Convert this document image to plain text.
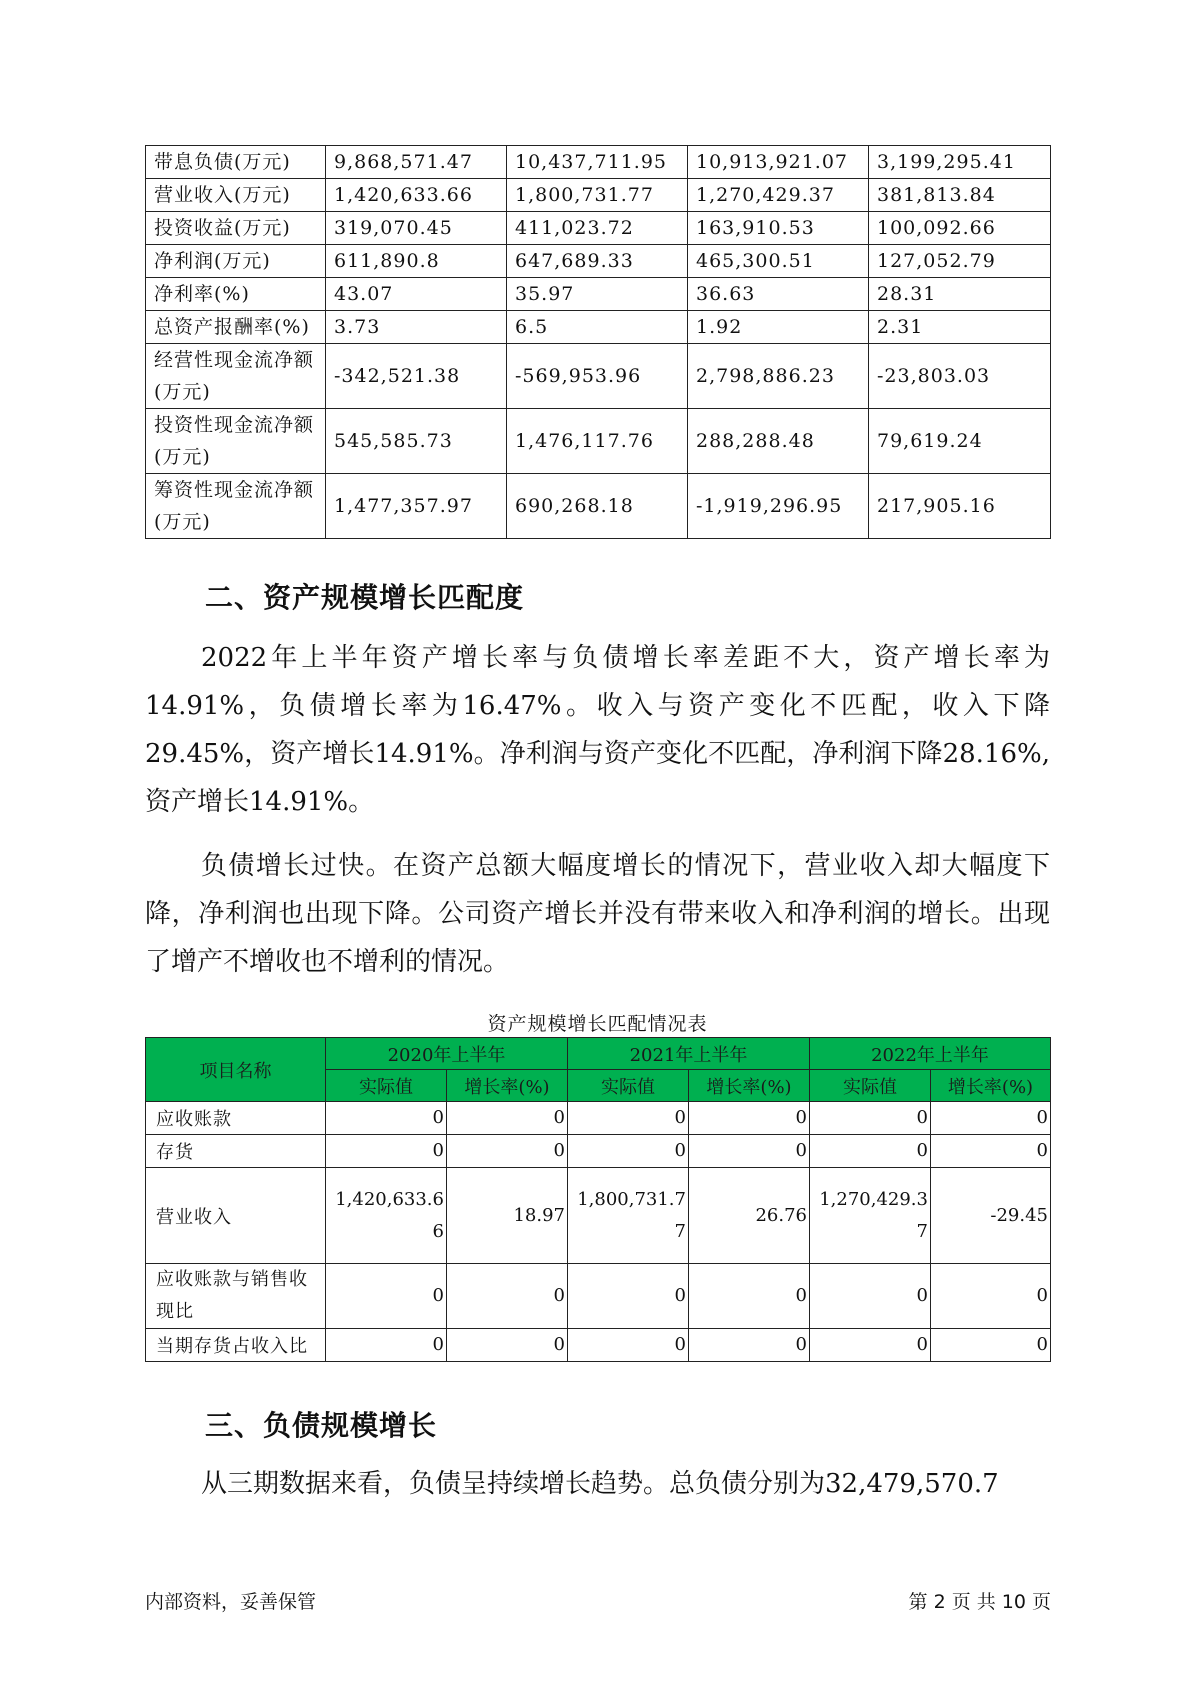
带息负债(万元)	9,868,571.47	10,437,711.95	10,913,921.07	3,199,295.41
营业收入(万元)	1,420,633.66	1,800,731.77	1,270,429.37	381,813.84
投资收益(万元)	319,070.45	411,023.72	163,910.53	100,092.66
净利润(万元)	611,890.8	647,689.33	465,300.51	127,052.79
净利率(%)	43.07	35.97	36.63	28.31
总资产报酬率(%)	3.73	6.5	1.92	2.31
经营性现金流净额(万元)	-342,521.38	-569,953.96	2,798,886.23	-23,803.03
投资性现金流净额(万元)	545,585.73	1,476,117.76	288,288.48	79,619.24
筹资性现金流净额(万元)	1,477,357.97	690,268.18	-1,919,296.95	217,905.16
二、资产规模增长匹配度

2022年上半年资产增长率与负债增长率差距不大，资产增长率为14.91%，负债增长率为16.47%。收入与资产变化不匹配，收入下降29.45%，资产增长14.91%。净利润与资产变化不匹配，净利润下降28.16%,资产增长14.91%。

负债增长过快。在资产总额大幅度增长的情况下，营业收入却大幅度下降，净利润也出现下降。公司资产增长并没有带来收入和净利润的增长。出现了增产不增收也不增利的情况。

资产规模增长匹配情况表
项目名称	2020年上半年		2021年上半年		2022年上半年	
	实际值	增长率(%)	实际值	增长率(%)	实际值	增长率(%)
应收账款	0	0	0	0	0	0
存货	0	0	0	0	0	0
营业收入	1,420,633.66	18.97	1,800,731.77	26.76	1,270,429.37	-29.45
应收账款与销售收现比	0	0	0	0	0	0
当期存货占收入比	0	0	0	0	0	0
三、负债规模增长

从三期数据来看，负债呈持续增长趋势。总负债分别为32,479,570.7

内部资料，妥善保管	第 2 页 共 10 页
